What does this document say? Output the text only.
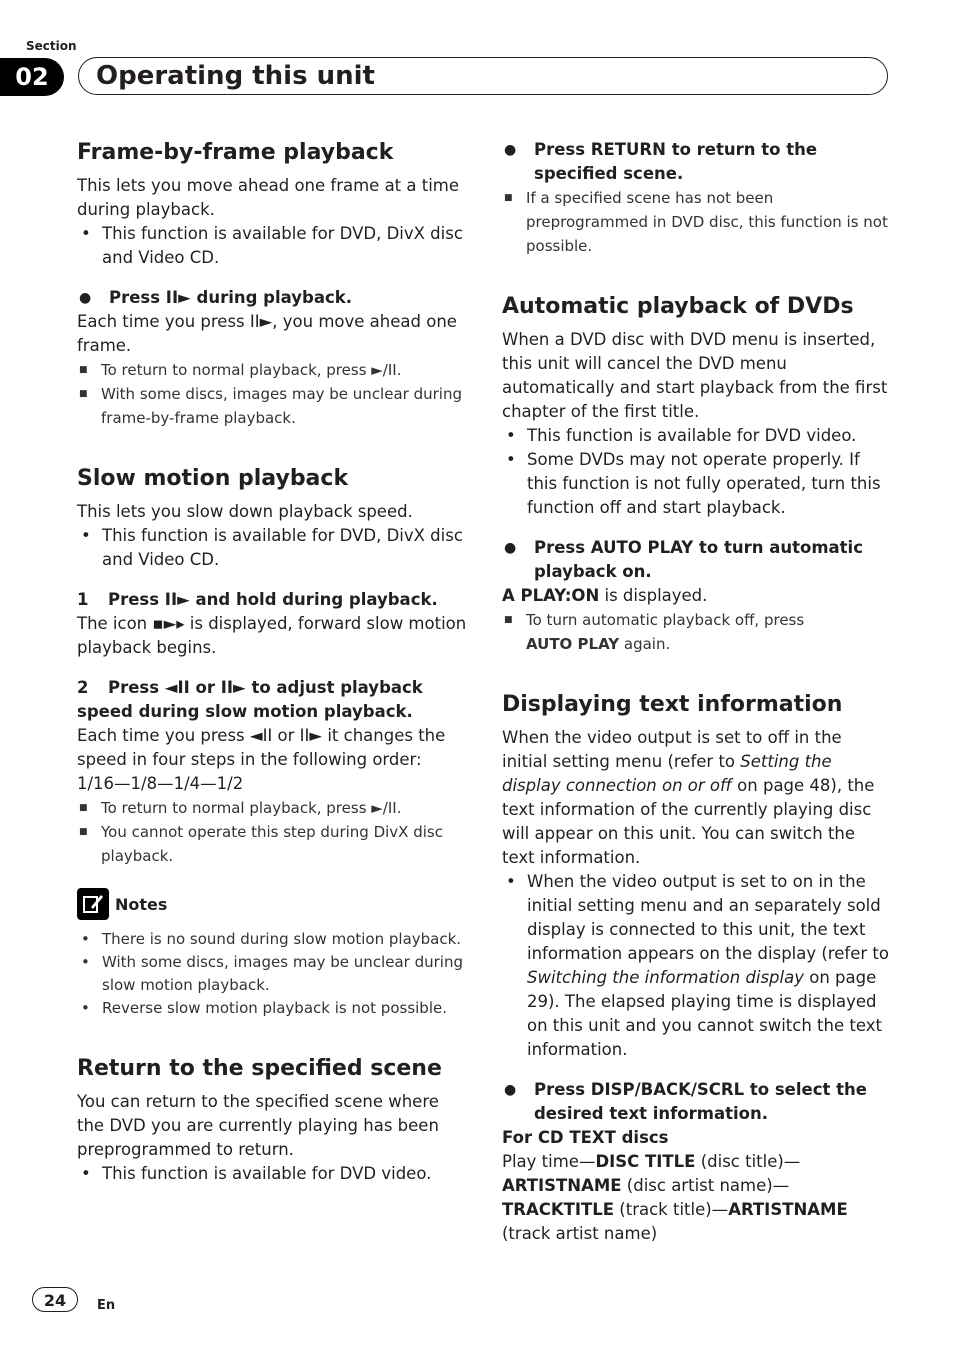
Section
02	Operating this unit
Frame-by-frame playback

This lets you move ahead one frame at a time during playback.

• This function is available for DVD, DivX disc and Video CD.

● Press ⅠⅠ► during playback.

Each time you press ⅠⅠ►, you move ahead one frame.

■ To return to normal playback, press ►/ⅠⅠ.

■ With some discs, images may be unclear during frame-by-frame playback.

Slow motion playback

This lets you slow down playback speed.

• This function is available for DVD, DivX disc and Video CD.

1 Press ⅠⅠ► and hold during playback.

The icon ▪►▸ is displayed, forward slow motion playback begins.

2 Press ◄ⅠⅠ or ⅠⅠ► to adjust playback speed during slow motion playback.

Each time you press ◄ⅠⅠ or ⅠⅠ► it changes the speed in four steps in the following order:

1/16—1/8—1/4—1/2

■ To return to normal playback, press ►/ⅠⅠ.

■ You cannot operate this step during DivX disc playback.

Notes
• There is no sound during slow motion playback.
• With some discs, images may be unclear during slow motion playback.
• Reverse slow motion playback is not possible.
Return to the specified scene

You can return to the specified scene where the DVD you are currently playing has been preprogrammed to return.

• This function is available for DVD video.

● Press RETURN to return to the specified scene.

■ If a specified scene has not been preprogrammed in DVD disc, this function is not possible.

Automatic playback of DVDs

When a DVD disc with DVD menu is inserted, this unit will cancel the DVD menu automatically and start playback from the first chapter of the first title.

• This function is available for DVD video.
• Some DVDs may not operate properly. If this function is not fully operated, turn this function off and start playback.

● Press AUTO PLAY to turn automatic playback on.

A PLAY:ON is displayed.

■ To turn automatic playback off, press
AUTO PLAY again.

Displaying text information

When the video output is set to off in the initial setting menu (refer to Setting the display connection on or off on page 48), the text information of the currently playing disc will appear on this unit. You can switch the text information.

• When the video output is set to on in the initial setting menu and an separately sold display is connected to this unit, the text information appears on the display (refer to Switching the information display on page 29). The elapsed playing time is displayed on this unit and you cannot switch the text information.

● Press DISP/BACK/SCRL to select the desired text information.

For CD TEXT discs

Play time—DISC TITLE (disc title)—
ARTISTNAME (disc artist name)—
TRACKTITLE (track title)—ARTISTNAME
(track artist name)

24	En
